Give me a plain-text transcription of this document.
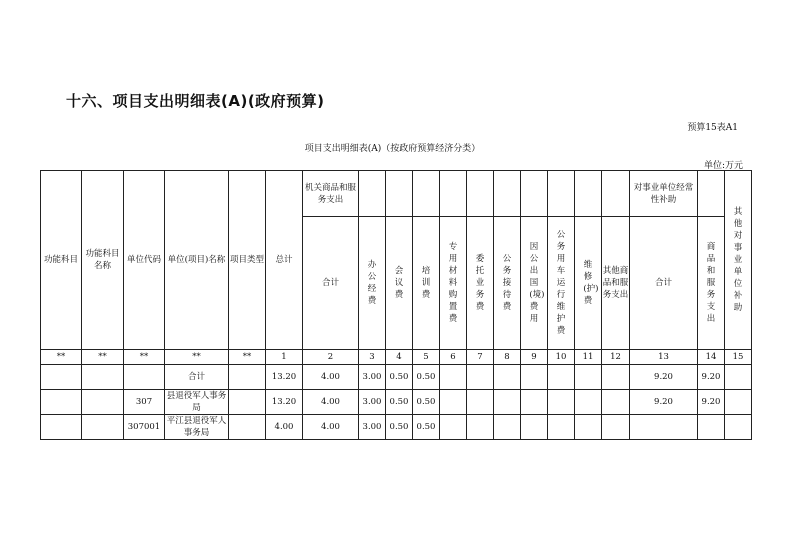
十六、项目支出明细表(A)(政府预算)
预算15表A1
项目支出明细表(A)（按政府预算经济分类）
单位:万元
功能科目	功能科目名称	单位代码	单位(项目)名称	项目类型	总计	机关商品和服务支出											对事业单位经常性补助		其他对事业单位补助
						合计	办公经费	会议费	培训费	专用材料购置费	委托业务费	公务接待费	因公出国(境)费用	公务用车运行维护费	维修(护)费	其他商品和服务支出	合计	商品和服务支出	
**	**	**	**	**	1	2	3	4	5	6	7	8	9	10	11	12	13	14	15
			合计		13.20	4.00	3.00	0.50	0.50								9.20	9.20	
		307	县退役军人事务局		13.20	4.00	3.00	0.50	0.50								9.20	9.20	
		307001	平江县退役军人事务局		4.00	4.00	3.00	0.50	0.50										
